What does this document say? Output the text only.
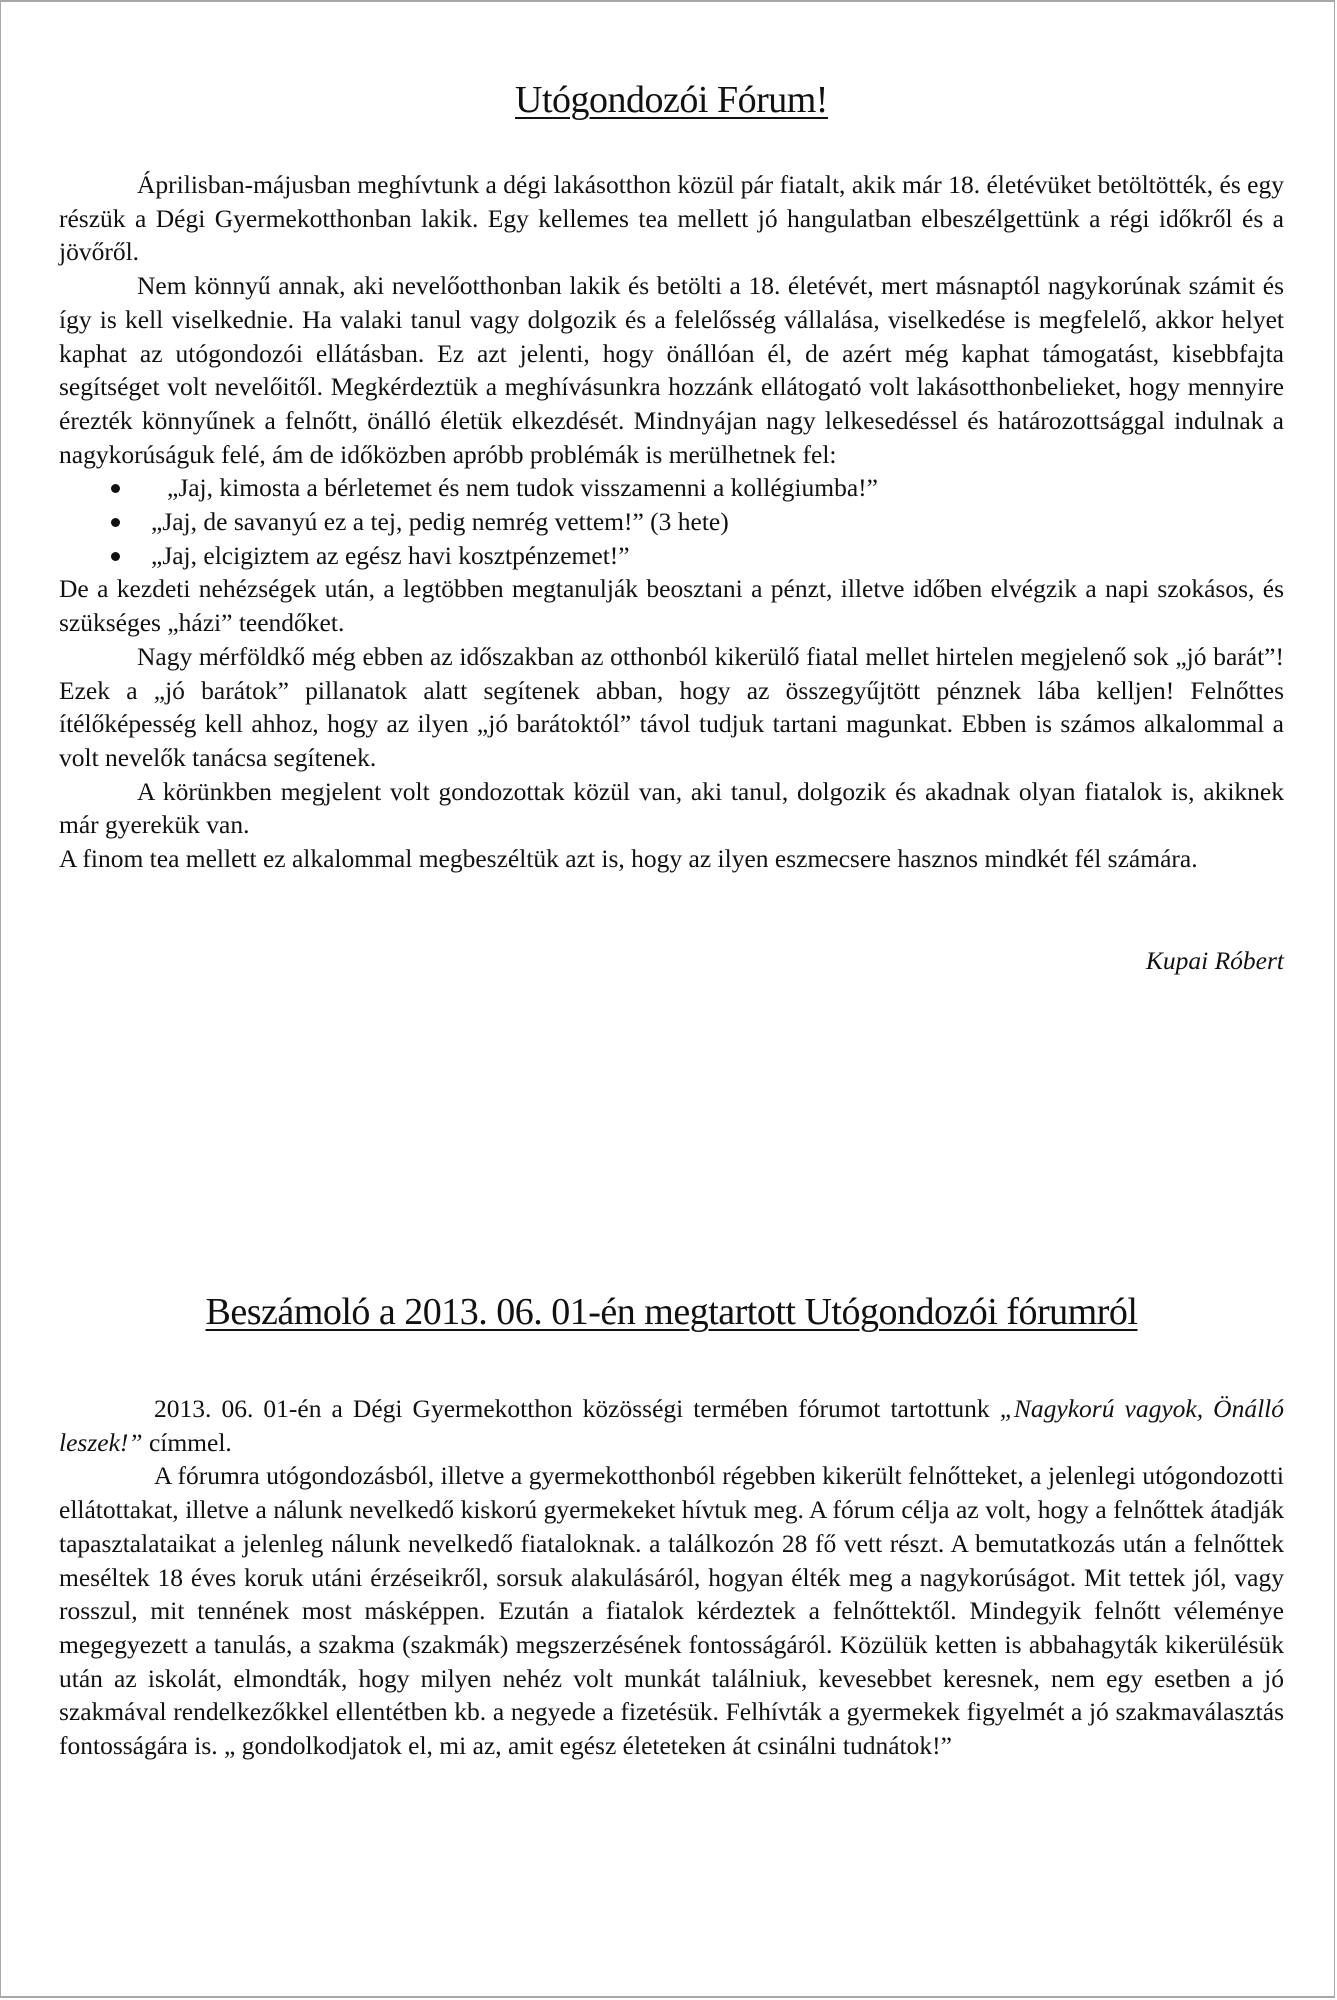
Utógondozói Fórum!

Áprilisban-májusban meghívtunk a dégi lakásotthon közül pár fiatalt, akik már 18. életévüket betöltötték, és egy részük a Dégi Gyermekotthonban lakik. Egy kellemes tea mellett jó hangulatban elbeszélgettünk a régi időkről és a jövőről.

Nem könnyű annak, aki nevelőotthonban lakik és betölti a 18. életévét, mert másnaptól nagykorúnak számit és így is kell viselkednie. Ha valaki tanul vagy dolgozik és a felelősség vállalása, viselkedése is megfelelő, akkor helyet kaphat az utógondozói ellátásban. Ez azt jelenti, hogy önállóan él, de azért még kaphat támogatást, kisebbfajta segítséget volt nevelőitől. Megkérdeztük a meghívásunkra hozzánk ellátogató volt lakásotthonbelieket, hogy mennyire érezték könnyűnek a felnőtt, önálló életük elkezdését. Mindnyájan nagy lelkesedéssel és határozottsággal indulnak a nagykorúságuk felé, ám de időközben apróbb problémák is merülhetnek fel:

„Jaj, kimosta a bérletemet és nem tudok visszamenni a kollégiumba!”
„Jaj, de savanyú ez a tej, pedig nemrég vettem!” (3 hete)
„Jaj, elcigiztem az egész havi kosztpénzemet!”

De a kezdeti nehézségek után, a legtöbben megtanulják beosztani a pénzt, illetve időben elvégzik a napi szokásos, és szükséges „házi” teendőket.

Nagy mérföldkő még ebben az időszakban az otthonból kikerülő fiatal mellet hirtelen megjelenő sok „jó barát”! Ezek a „jó barátok” pillanatok alatt segítenek abban, hogy az összegyűjtött pénznek lába kelljen! Felnőttes ítélőképesség kell ahhoz, hogy az ilyen „jó barátoktól” távol tudjuk tartani magunkat. Ebben is számos alkalommal a volt nevelők tanácsa segítenek.

A körünkben megjelent volt gondozottak közül van, aki tanul, dolgozik és akadnak olyan fiatalok is, akiknek már gyerekük van.

A finom tea mellett ez alkalommal megbeszéltük azt is, hogy az ilyen eszmecsere hasznos mindkét fél számára.

Kupai Róbert

Beszámoló a 2013. 06. 01-én megtartott Utógondozói fórumról

2013. 06. 01-én a Dégi Gyermekotthon közösségi termében fórumot tartottunk „Nagykorú vagyok, Önálló leszek!” címmel.

A fórumra utógondozásból, illetve a gyermekotthonból régebben kikerült felnőtteket, a jelenlegi utógondozotti ellátottakat, illetve a nálunk nevelkedő kiskorú gyermekeket hívtuk meg. A fórum célja az volt, hogy a felnőttek átadják tapasztalataikat a jelenleg nálunk nevelkedő fiataloknak. a találkozón 28 fő vett részt. A bemutatkozás után a felnőttek meséltek 18 éves koruk utáni érzéseikről, sorsuk alakulásáról, hogyan élték meg a nagykorúságot. Mit tettek jól, vagy rosszul, mit tennének most másképpen. Ezután a fiatalok kérdeztek a felnőttektől. Mindegyik felnőtt véleménye megegyezett a tanulás, a szakma (szakmák) megszerzésének fontosságáról. Közülük ketten is abbahagyták kikerülésük után az iskolát, elmondták, hogy milyen nehéz volt munkát találniuk, kevesebbet keresnek, nem egy esetben a jó szakmával rendelkezőkkel ellentétben kb. a negyede a fizetésük. Felhívták a gyermekek figyelmét a jó szakmaválasztás fontosságára is. „ gondolkodjatok el, mi az, amit egész életeteken át csinálni tudnátok!”
